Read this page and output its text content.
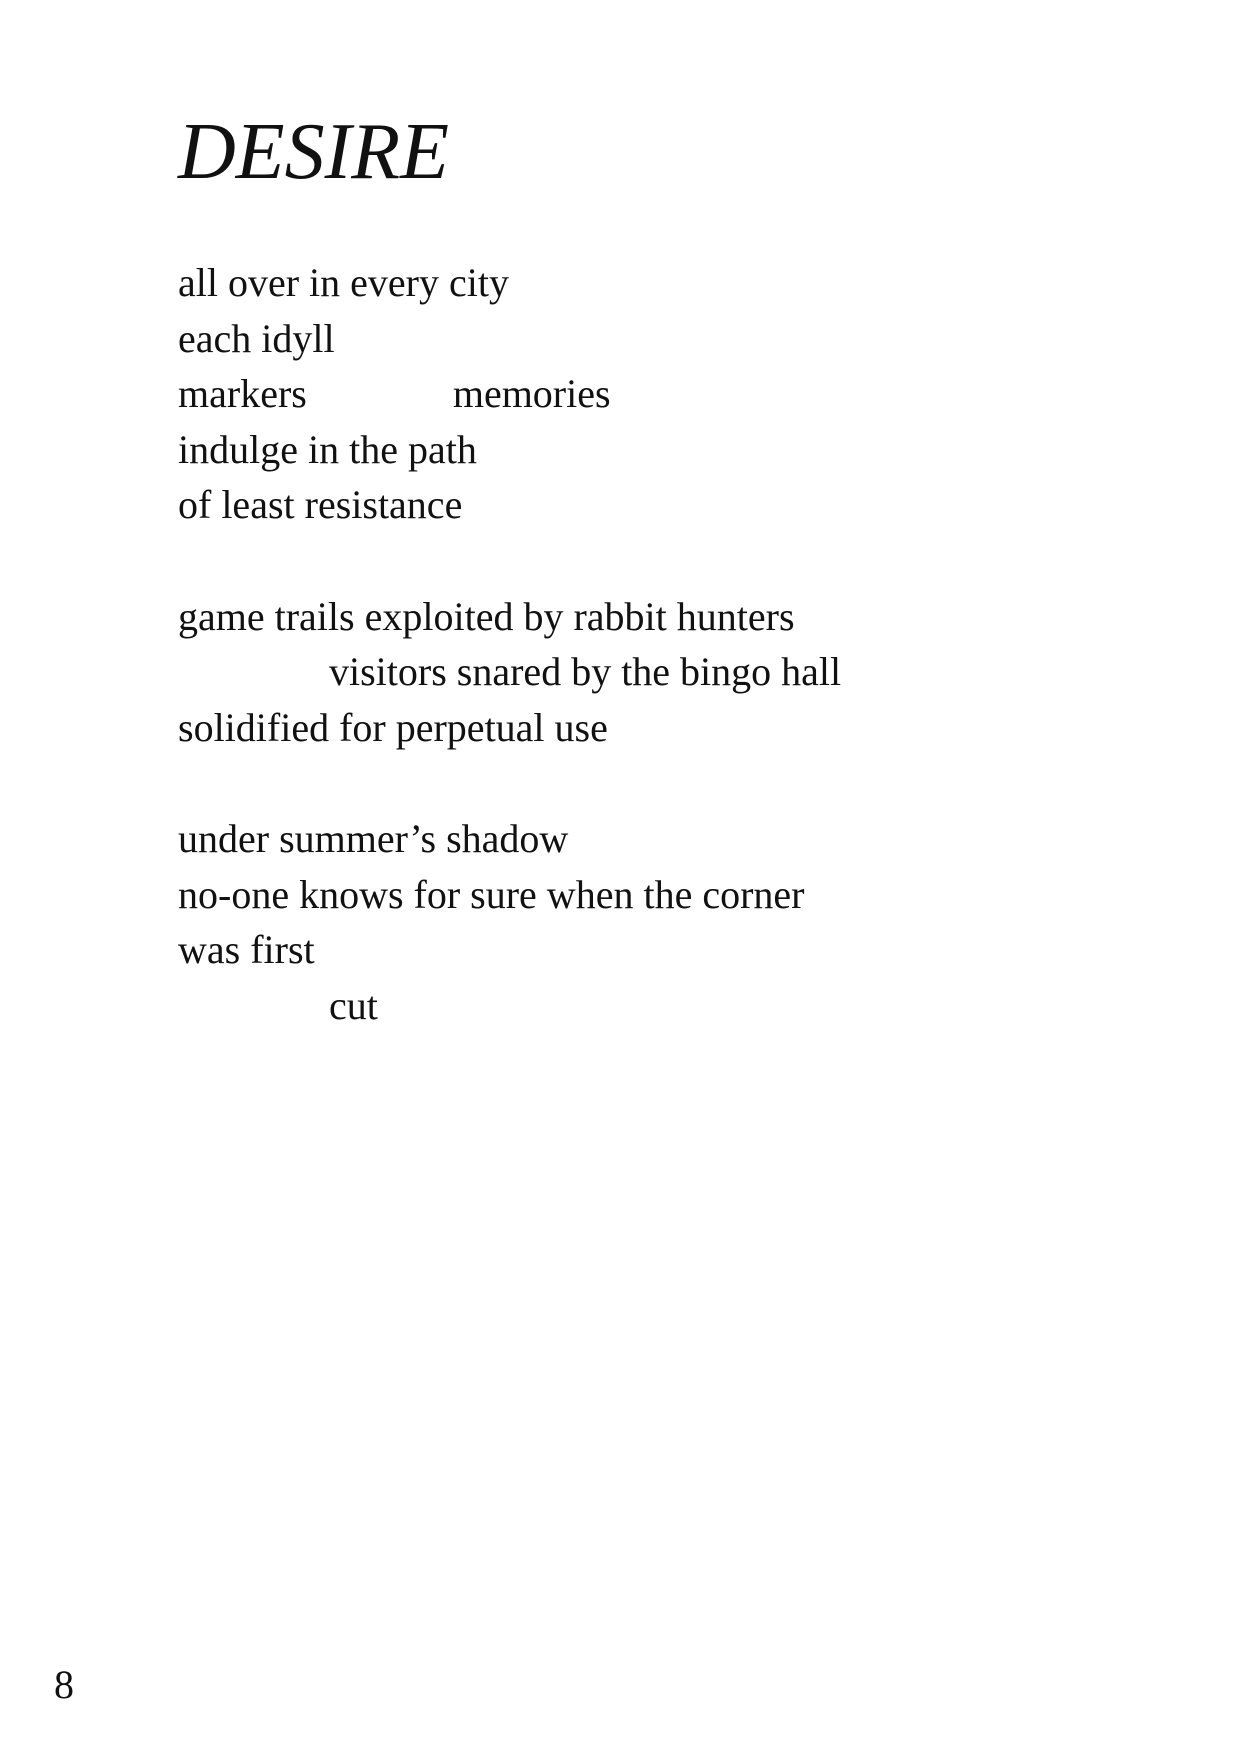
DESIRE
all over in every city
each idyll
markers	memories
indulge in the path
of least resistance
game trails exploited by rabbit hunters
visitors snared by the bingo hall
solidified for perpetual use
under summer’s shadow
no-one knows for sure when the corner
was first
cut
8
